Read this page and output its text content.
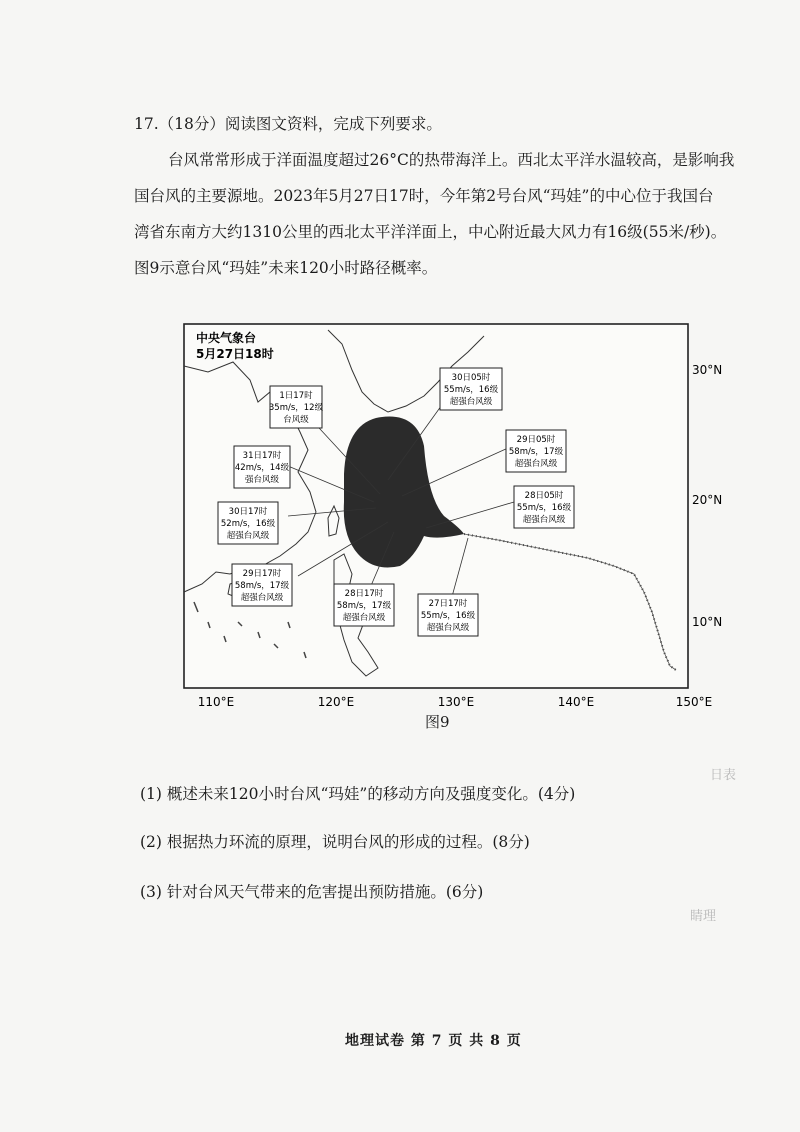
17.（18分）阅读图文资料，完成下列要求。
台风常常形成于洋面温度超过26°C的热带海洋上。西北太平洋水温较高，是影响我
国台风的主要源地。2023年5月27日17时，今年第2号台风“玛娃”的中心位于我国台
湾省东南方大约1310公里的西北太平洋洋面上，中心附近最大风力有16级(55米/秒)。
图9示意台风“玛娃”未来120小时路径概率。
中央气象台
5月27日18时
1日17时
35m/s，12级
台风级
31日17时
42m/s，14级
强台风级
30日17时
52m/s，16级
超强台风级
29日17时
58m/s，17级
超强台风级	28日17时
58m/s，17级
超强台风级
30日05时
55m/s，16级
超强台风级
29日05时
58m/s，17级
超强台风级
28日05时
55m/s，16级
超强台风级
27日17时
55m/s，16级
超强台风级
30°N
20°N
10°N
110°E	120°E	130°E	140°E	150°E
图9
日表
睛理
(1) 概述未来120小时台风“玛娃”的移动方向及强度变化。(4分)
(2) 根据热力环流的原理，说明台风的形成的过程。(8分)
(3) 针对台风天气带来的危害提出预防措施。(6分)
地理试卷 第 7 页 共 8 页
